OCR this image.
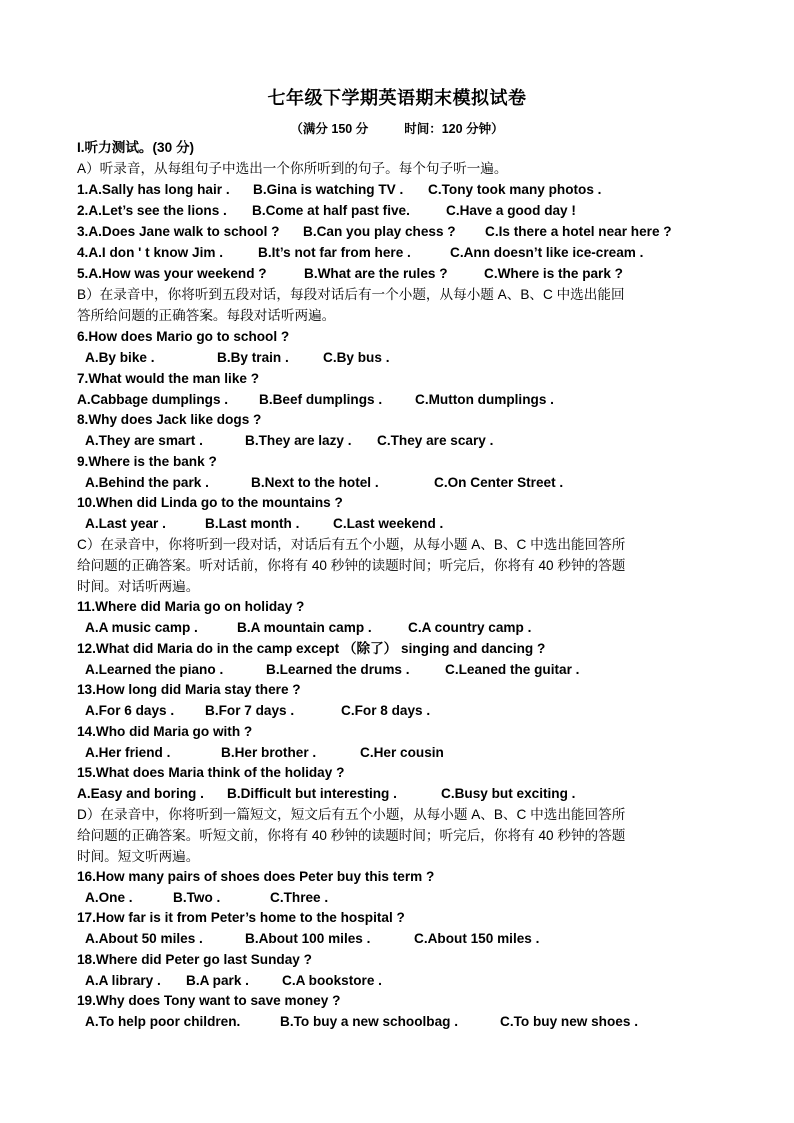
七年级下学期英语期末模拟试卷
（满分 150 分	时间：120 分钟）
I.听力测试。(30 分)
A）听录音，从每组句子中选出一个你所听到的句子。每个句子听一遍。
1.A.Sally has long hair . B.Gina is watching TV . C.Tony took many photos .
2.A.Let’s see the lions . B.Come at half past five.	C.Have a good day !
3.A.Does Jane walk to school ? B.Can you play chess ? C.Is there a hotel near here ?
4.A.I don ' t know Jim .	B.It’s not far from here .	C.Ann doesn’t like ice-cream .
5.A.How was your weekend ?	B.What are the rules ?	C.Where is the park ?
B）在录音中，你将听到五段对话，每段对话后有一个小题，从每小题 A、B、C 中选出能回
答所给问题的正确答案。每段对话听两遍。
6.How does Mario go to school ?
A.By bike .	B.By train .	C.By bus .
7.What would the man like ?
A.Cabbage dumplings . B.Beef dumplings . C.Mutton dumplings .
8.Why does Jack like dogs ?
A.They are smart .	B.They are lazy . C.They are scary .
9.Where is the bank ?
A.Behind the park .	B.Next to the hotel .	C.On Center Street .
10.When did Linda go to the mountains ?
A.Last year .	B.Last month . C.Last weekend .
C）在录音中，你将听到一段对话，对话后有五个小题，从每小题 A、B、C 中选出能回答所
给问题的正确答案。听对话前，你将有 40 秒钟的读题时间；听完后，你将有 40 秒钟的答题
时间。对话听两遍。
11.Where did Maria go on holiday ?
A.A music camp .	B.A mountain camp .	C.A country camp .
12.What did Maria do in the camp except （除了） singing and dancing ?
A.Learned the piano .	B.Learned the drums .	C.Leaned the guitar .
13.How long did Maria stay there ?
A.For 6 days . B.For 7 days .	C.For 8 days .
14.Who did Maria go with ?
A.Her friend .	B.Her brother .	C.Her cousin
15.What does Maria think of the holiday ?
A.Easy and boring . B.Difficult but interesting .	C.Busy but exciting .
D）在录音中，你将听到一篇短文，短文后有五个小题，从每小题 A、B、C 中选出能回答所
给问题的正确答案。听短文前，你将有 40 秒钟的读题时间；听完后，你将有 40 秒钟的答题
时间。短文听两遍。
16.How many pairs of shoes does Peter buy this term ?
A.One .	B.Two .	C.Three .
17.How far is it from Peter’s home to the hospital ?
A.About 50 miles .	B.About 100 miles .	C.About 150 miles .
18.Where did Peter go last Sunday ?
A.A library . B.A park . C.A bookstore .
19.Why does Tony want to save money ?
A.To help poor children.	B.To buy a new schoolbag .	C.To buy new shoes .
